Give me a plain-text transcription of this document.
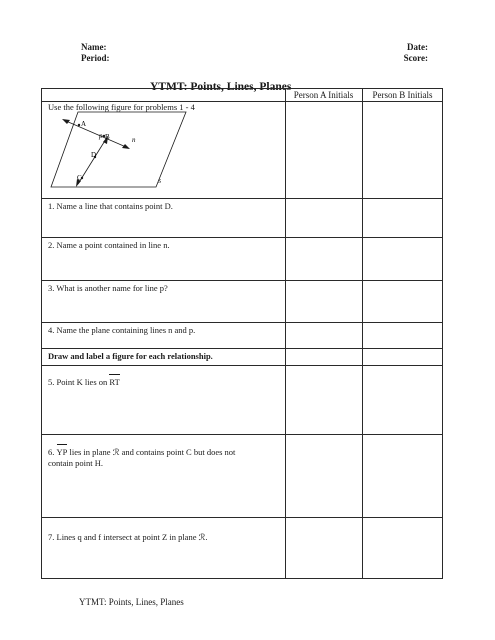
Name:
Period:
Date:
Score:
YTMT: Points, Lines, Planes
Person A Initials	Person B Initials
Use the following figure for problems 1 - 4
A
B	n
p
D
C	S
1. Name a line that contains point D.
2. Name a point contained in line n.
3. What is another name for line p?
4. Name the plane containing lines n and p.
Draw and label a figure for each relationship.
5. Point K lies on RT
6. YP lies in plane ℛ and contains point C but does not
contain point H.
7. Lines q and f intersect at point Z in plane ℛ.
YTMT: Points, Lines, Planes
